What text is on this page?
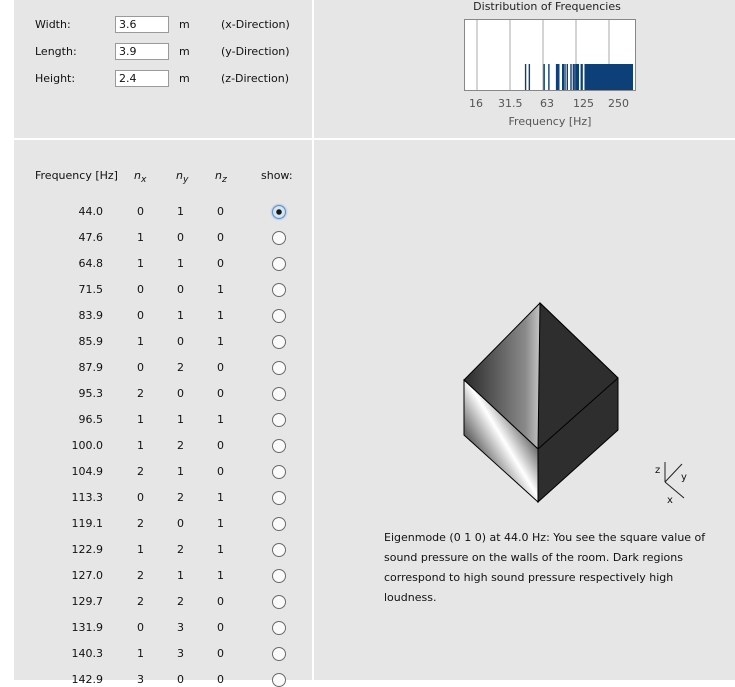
Width:
3.6	m	(x-Direction)
Length:
3.9	m	(y-Direction)
Height:
2.4	m	(z-Direction)
Distribution of Frequencies
16 31.5 63 125 250
Frequency [Hz]
Frequency [Hz] $n_x$	$n_y$ $n_z$	show:
44.0	0	1	0
47.6	1	0	0
64.8	1	1	0
71.5	0	0	1
83.9	0	1	1
85.9	1	0	1
87.9	0	2	0
95.3	2	0	0
96.5	1	1	1
100.0	1	2	0
104.9	2	1	0
113.3	0	2	1
119.1	2	0	1
122.9	1	2	1
127.0	2	1	1
129.7	2	2	0
131.9	0	3	0
140.3	1	3	0
142.9	3	0	0
z
y
x
Eigenmode (0 1 0) at 44.0 Hz: You see the square value of sound pressure on the walls of the room. Dark regions correspond to high sound pressure respectively high loudness.
